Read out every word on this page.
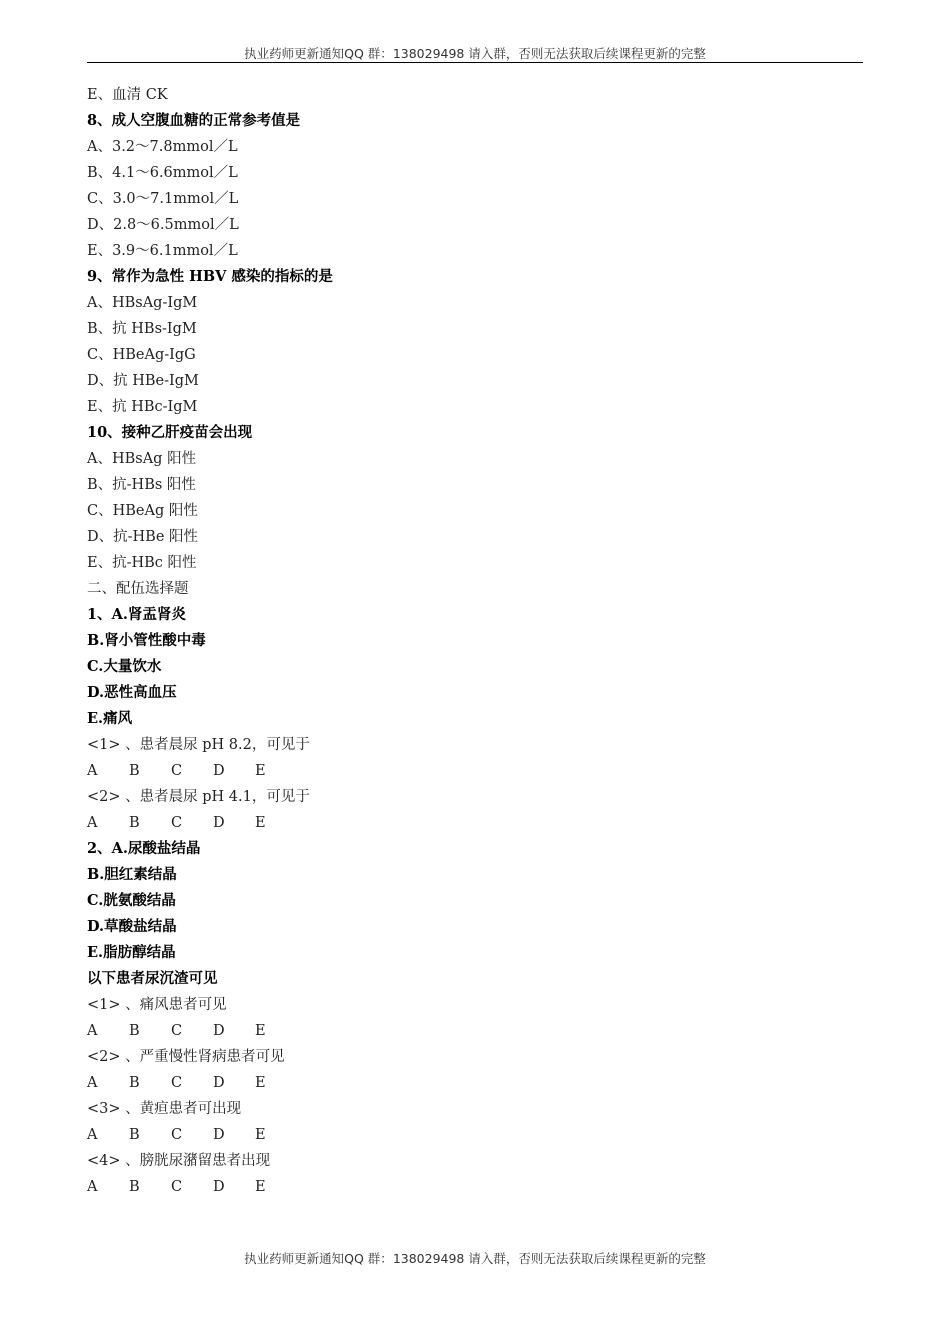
执业药师更新通知QQ 群：138029498 请入群，否则无法获取后续课程更新的完整
E、血清 CK
8、成人空腹血糖的正常参考值是
A、3.2～7.8mmol／L
B、4.1～6.6mmol／L
C、3.0～7.1mmol／L
D、2.8～6.5mmol／L
E、3.9～6.1mmol／L
9、常作为急性 HBV 感染的指标的是
A、HBsAg-IgM
B、抗 HBs-IgM
C、HBeAg-IgG
D、抗 HBe-IgM
E、抗 HBc-IgM
10、接种乙肝疫苗会出现
A、HBsAg 阳性
B、抗-HBs 阳性
C、HBeAg 阳性
D、抗-HBe 阳性
E、抗-HBc 阳性
二、配伍选择题
1、A.肾盂肾炎
B.肾小管性酸中毒
C.大量饮水
D.恶性高血压
E.痛风
<1> 、患者晨尿 pH 8.2，可见于
A B C D E
<2> 、患者晨尿 pH 4.1，可见于
A B C D E
2、A.尿酸盐结晶
B.胆红素结晶
C.胱氨酸结晶
D.草酸盐结晶
E.脂肪醇结晶
以下患者尿沉渣可见
<1> 、痛风患者可见
A B C D E
<2> 、严重慢性肾病患者可见
A B C D E
<3> 、黄疸患者可出现
A B C D E
<4> 、膀胱尿潴留患者出现
A B C D E
执业药师更新通知QQ 群：138029498 请入群，否则无法获取后续课程更新的完整
